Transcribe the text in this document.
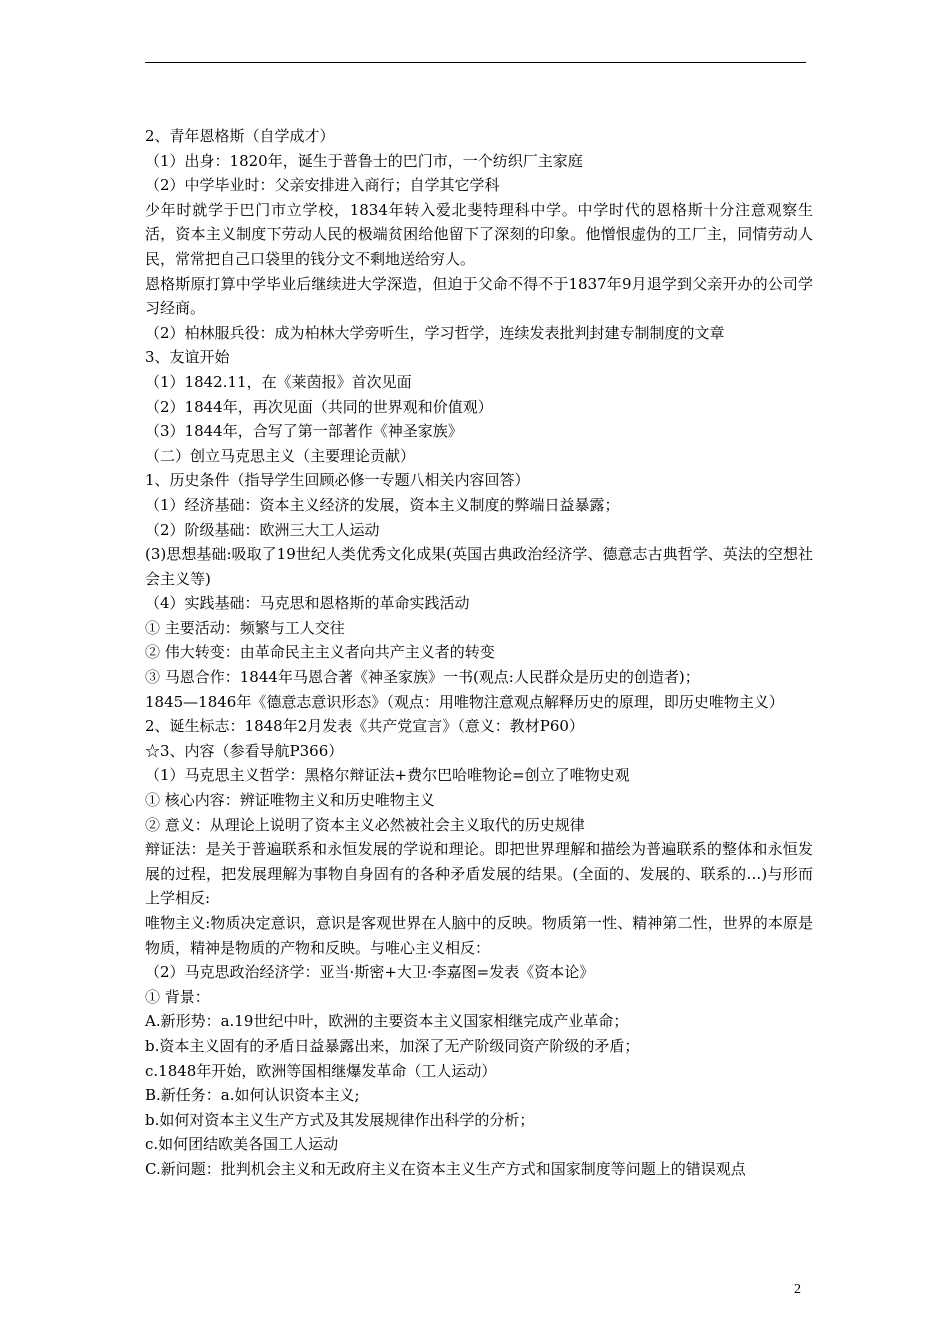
2、青年恩格斯（自学成才）
（1）出身：1820年，诞生于普鲁士的巴门市，一个纺织厂主家庭
（2）中学毕业时：父亲安排进入商行；自学其它学科
少年时就学于巴门市立学校，1834年转入爱北斐特理科中学。中学时代的恩格斯十分注意观察生活，资本主义制度下劳动人民的极端贫困给他留下了深刻的印象。他憎恨虚伪的工厂主，同情劳动人民，常常把自己口袋里的钱分文不剩地送给穷人。
恩格斯原打算中学毕业后继续进大学深造，但迫于父命不得不于1837年9月退学到父亲开办的公司学习经商。
（2）柏林服兵役：成为柏林大学旁听生，学习哲学，连续发表批判封建专制制度的文章
3、友谊开始
（1）1842.11，在《莱茵报》首次见面
（2）1844年，再次见面（共同的世界观和价值观）
（3）1844年，合写了第一部著作《神圣家族》
（二）创立马克思主义（主要理论贡献）
1、历史条件（指导学生回顾必修一专题八相关内容回答）
（1）经济基础：资本主义经济的发展，资本主义制度的弊端日益暴露；
（2）阶级基础：欧洲三大工人运动
(3)思想基础:吸取了19世纪人类优秀文化成果(英国古典政治经济学、德意志古典哲学、英法的空想社会主义等)
（4）实践基础：马克思和恩格斯的革命实践活动
① 主要活动：频繁与工人交往
② 伟大转变：由革命民主主义者向共产主义者的转变
③ 马恩合作：1844年马恩合著《神圣家族》一书(观点:人民群众是历史的创造者)；
1845—1846年《德意志意识形态》（观点：用唯物注意观点解释历史的原理，即历史唯物主义）
2、诞生标志：1848年2月发表《共产党宣言》（意义：教材P60）
☆3、内容（参看导航P366）
（1）马克思主义哲学：黑格尔辩证法+费尔巴哈唯物论=创立了唯物史观
① 核心内容：辨证唯物主义和历史唯物主义
② 意义：从理论上说明了资本主义必然被社会主义取代的历史规律
辩证法：是关于普遍联系和永恒发展的学说和理论。即把世界理解和描绘为普遍联系的整体和永恒发展的过程，把发展理解为事物自身固有的各种矛盾发展的结果。(全面的、发展的、联系的…)与形而上学相反:
唯物主义:物质决定意识，意识是客观世界在人脑中的反映。物质第一性、精神第二性，世界的本原是物质，精神是物质的产物和反映。与唯心主义相反：
（2）马克思政治经济学：亚当·斯密+大卫·李嘉图=发表《资本论》
① 背景：
A.新形势：a.19世纪中叶，欧洲的主要资本主义国家相继完成产业革命；
b.资本主义固有的矛盾日益暴露出来，加深了无产阶级同资产阶级的矛盾；
c.1848年开始，欧洲等国相继爆发革命（工人运动）
B.新任务：a.如何认识资本主义;
b.如何对资本主义生产方式及其发展规律作出科学的分析；
c.如何团结欧美各国工人运动
C.新问题：批判机会主义和无政府主义在资本主义生产方式和国家制度等问题上的错误观点
2
